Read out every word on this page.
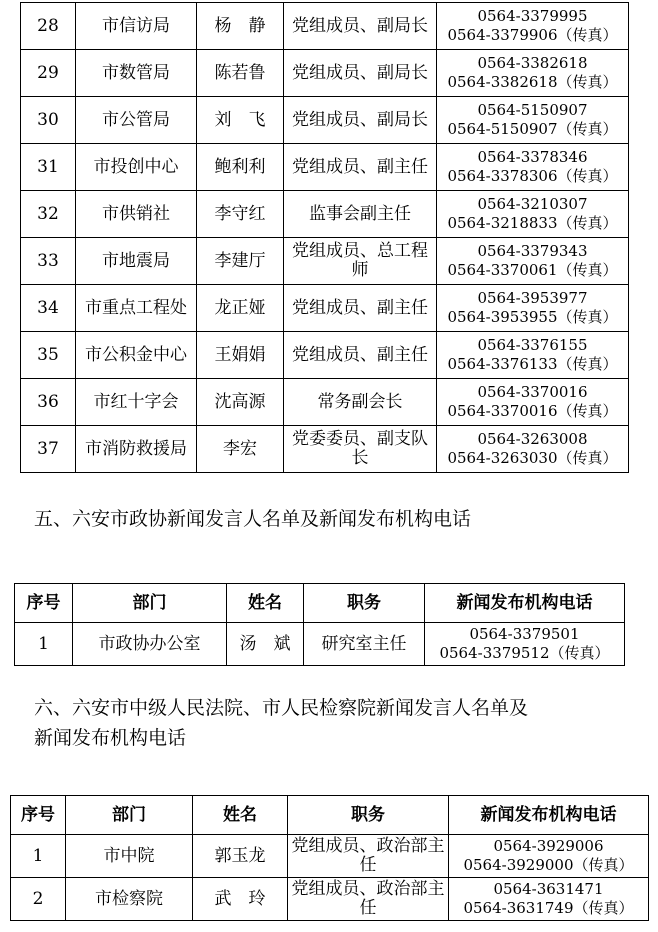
28	市信访局	杨　静	党组成员、副局长	0564-3379995
0564-3379906（传真）

29	市数管局	陈若鲁	党组成员、副局长	0564-3382618
0564-3382618（传真）

30	市公管局	刘　飞	党组成员、副局长	0564-5150907
0564-5150907（传真）

31	市投创中心	鲍利利	党组成员、副主任	0564-3378346
0564-3378306（传真）

32	市供销社	李守红	监事会副主任	0564-3210307
0564-3218833（传真）

33	市地震局	李建厅	党组成员、总工程师	0564-3379343
0564-3370061（传真）

34	市重点工程处	龙正娅	党组成员、副主任	0564-3953977
0564-3953955（传真）

35	市公积金中心	王娟娟	党组成员、副主任	0564-3376155
0564-3376133（传真）

36	市红十字会	沈高源	常务副会长	0564-3370016
0564-3370016（传真）

37	市消防救援局	李宏	党委委员、副支队长	0564-3263008
0564-3263030（传真）

五、六安市政协新闻发言人名单及新闻发布机构电话

序号	部门	姓名	职务	新闻发布机构电话
1	市政协办公室	汤　斌	研究室主任	0564-3379501
0564-3379512（传真）

六、六安市中级人民法院、市人民检察院新闻发言人名单及

新闻发布机构电话

序号	部门	姓名	职务	新闻发布机构电话
1	市中院	郭玉龙	党组成员、政治部主任	0564-3929006
0564-3929000（传真）

2	市检察院	武　玲	党组成员、政治部主任	0564-3631471
0564-3631749（传真）
